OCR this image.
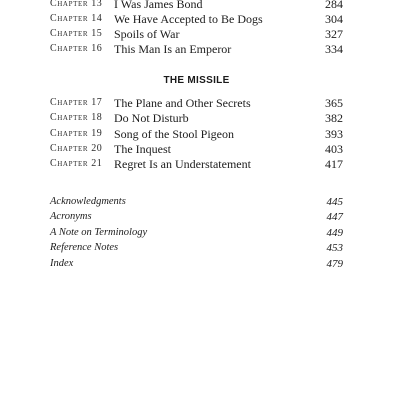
Chapter 13 I Was James Bond	284
Chapter 14 We Have Accepted to Be Dogs	304
Chapter 15 Spoils of War	327
Chapter 16 This Man Is an Emperor	334
THE MISSILE
Chapter 17 The Plane and Other Secrets	365
Chapter 18 Do Not Disturb	382
Chapter 19 Song of the Stool Pigeon	393
Chapter 20 The Inquest	403
Chapter 21 Regret Is an Understatement	417
Acknowledgments	445
Acronyms	447
A Note on Terminology	449
Reference Notes	453
Index	479
